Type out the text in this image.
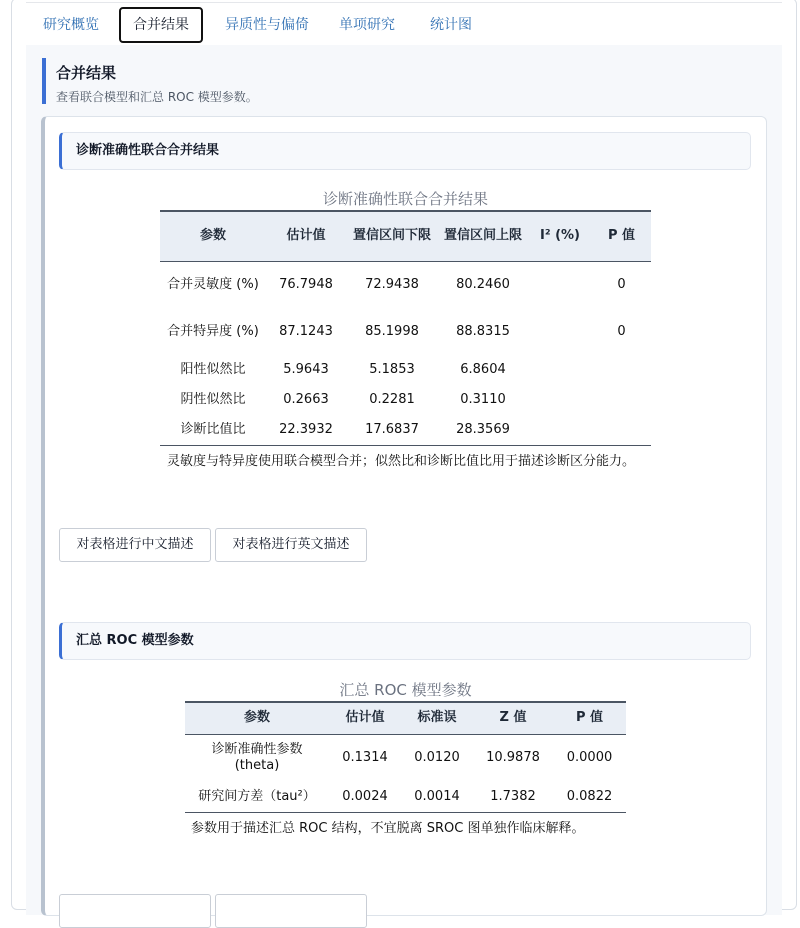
研究概览	合并结果	异质性与偏倚	单项研究	统计图
合并结果
查看联合模型和汇总 ROC 模型参数。
诊断准确性联合合并结果
诊断准确性联合合并结果
参数	估计值	置信区间下限	置信区间上限	I² (%)	P 值
合并灵敏度 (%)	76.7948	72.9438	80.2460		0
合并特异度 (%)	87.1243	85.1998	88.8315		0
阳性似然比	5.9643	5.1853	6.8604		
阴性似然比	0.2663	0.2281	0.3110		
诊断比值比	22.3932	17.6837	28.3569		
灵敏度与特异度使用联合模型合并；似然比和诊断比值比用于描述诊断区分能力。
对表格进行中文描述	对表格进行英文描述
汇总 ROC 模型参数
汇总 ROC 模型参数
参数	估计值	标准误	Z 值	P 值
诊断准确性参数 (theta)	0.1314	0.0120	10.9878	0.0000
研究间方差（tau²）	0.0024	0.0014	1.7382	0.0822
参数用于描述汇总 ROC 结构，不宜脱离 SROC 图单独作临床解释。
